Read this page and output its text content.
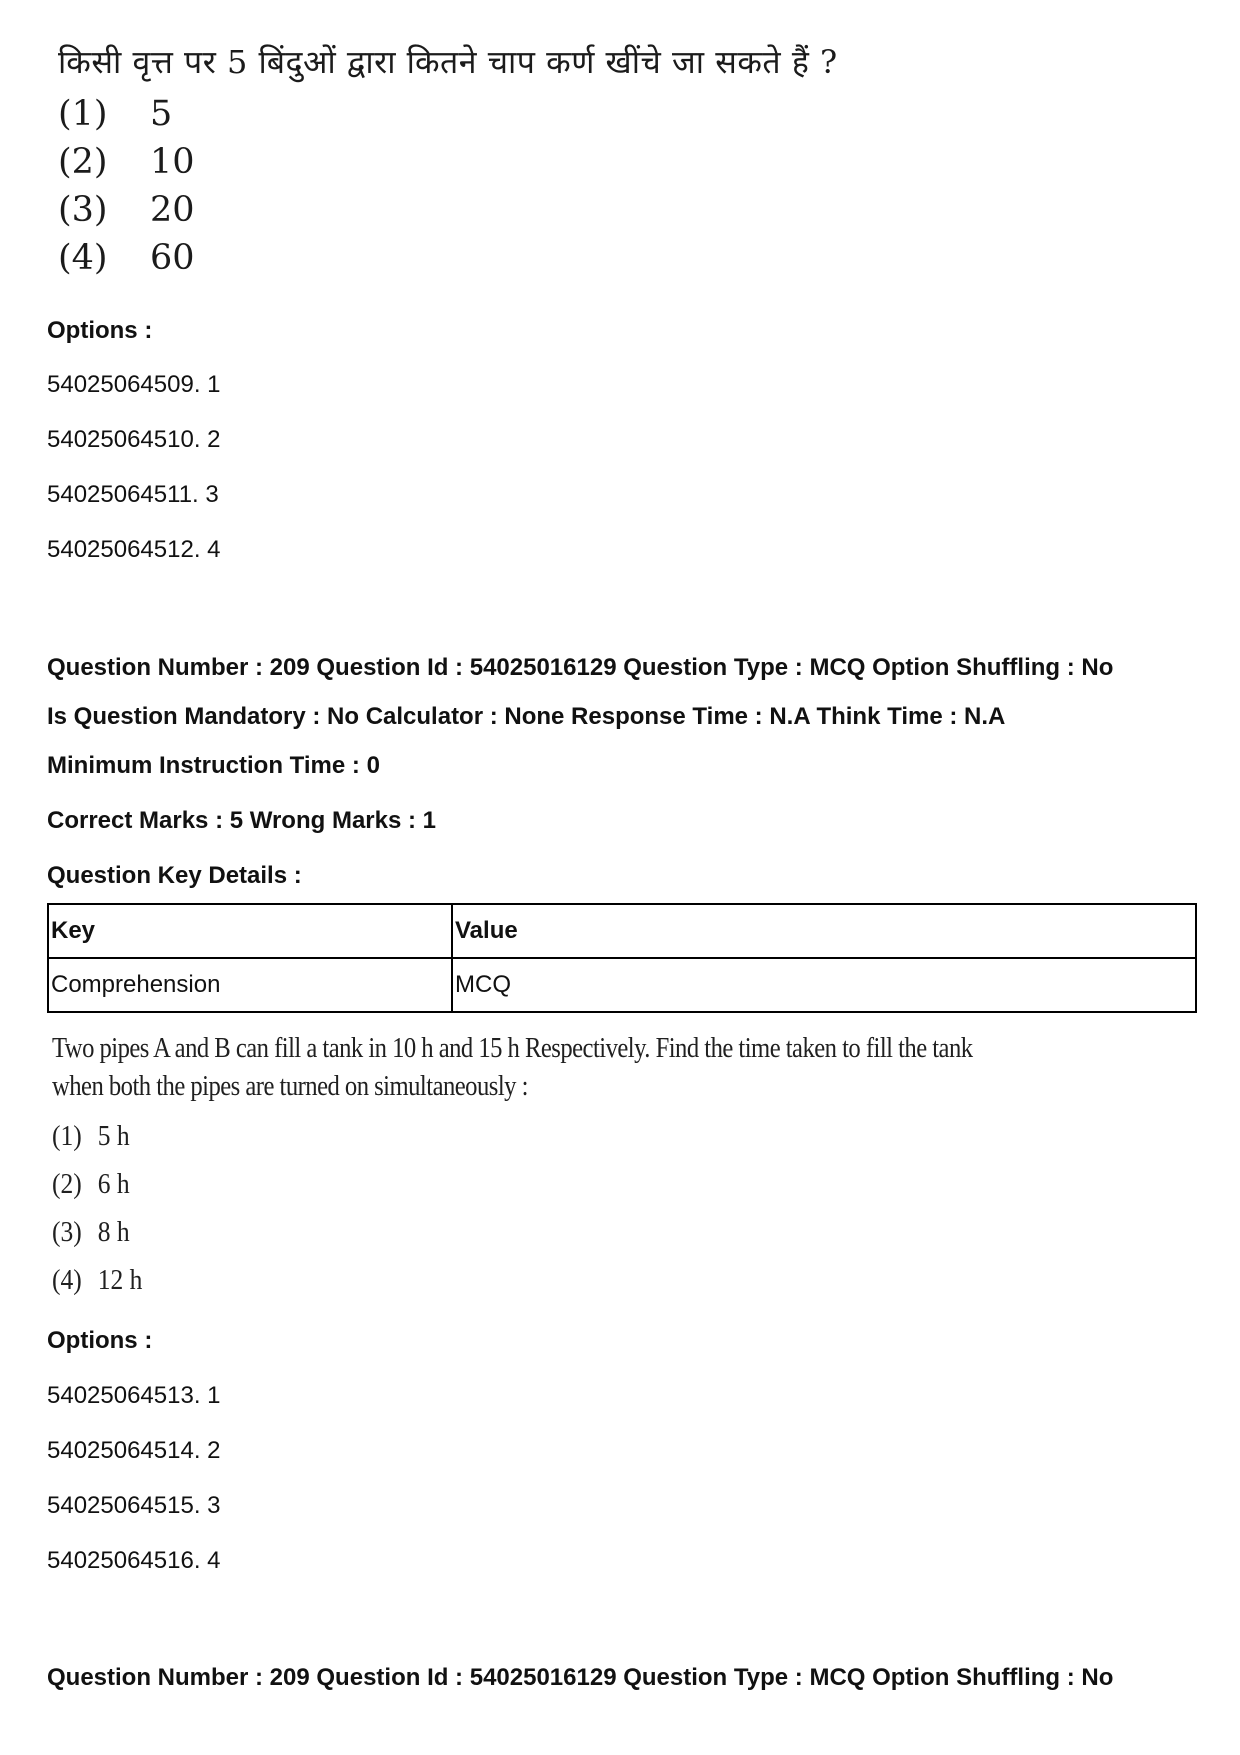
किसी वृत्त पर 5 बिंदुओं द्वारा कितने चाप कर्ण खींचे जा सकते हैं ?
(1)	5
(2)	10
(3)	20
(4)	60
Options :
54025064509. 1
54025064510. 2
54025064511. 3
54025064512. 4
Question Number : 209 Question Id : 54025016129 Question Type : MCQ Option Shuffling : No
Is Question Mandatory : No Calculator : None Response Time : N.A Think Time : N.A
Minimum Instruction Time : 0
Correct Marks : 5 Wrong Marks : 1
Question Key Details :
Key	Value
Comprehension	MCQ
Two pipes A and B can fill a tank in 10 h and 15 h Respectively. Find the time taken to fill the tank
when both the pipes are turned on simultaneously :
(1) 5 h
(2) 6 h
(3) 8 h
(4) 12 h
Options :
54025064513. 1
54025064514. 2
54025064515. 3
54025064516. 4
Question Number : 209 Question Id : 54025016129 Question Type : MCQ Option Shuffling : No
